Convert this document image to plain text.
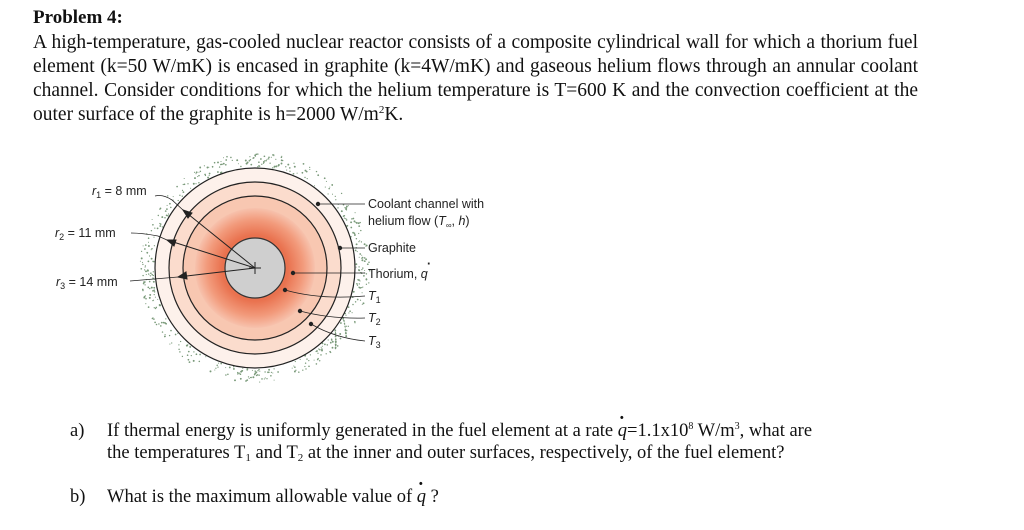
Problem 4:
A high-temperature, gas-cooled nuclear reactor consists of a composite cylindrical wall for which a thorium fuel element (k=50 W/mK) is encased in graphite (k=4W/mK) and gaseous helium flows through an annular coolant channel. Consider conditions for which the helium temperature is T=600 K and the convection coefficient at the outer surface of the graphite is h=2000 $W/m^2K$.
$r_1 = 8$ mm
$r_2 = 11$ mm
$r_3 = 14$ mm
Coolant channel with
helium flow ($T_\infty$, h)
Graphite
Thorium, q
·
$T_1$
$T_2$
$T_3$
a) If thermal energy is uniformly generated in the fuel element at a rate $q \cdot=1.1x10^8$ $W/m^3$, what are
the temperatures $T_1$ and $T_2$ at the inner and outer surfaces, respectively, of the fuel element?
b) What is the maximum allowable value of q · ?
